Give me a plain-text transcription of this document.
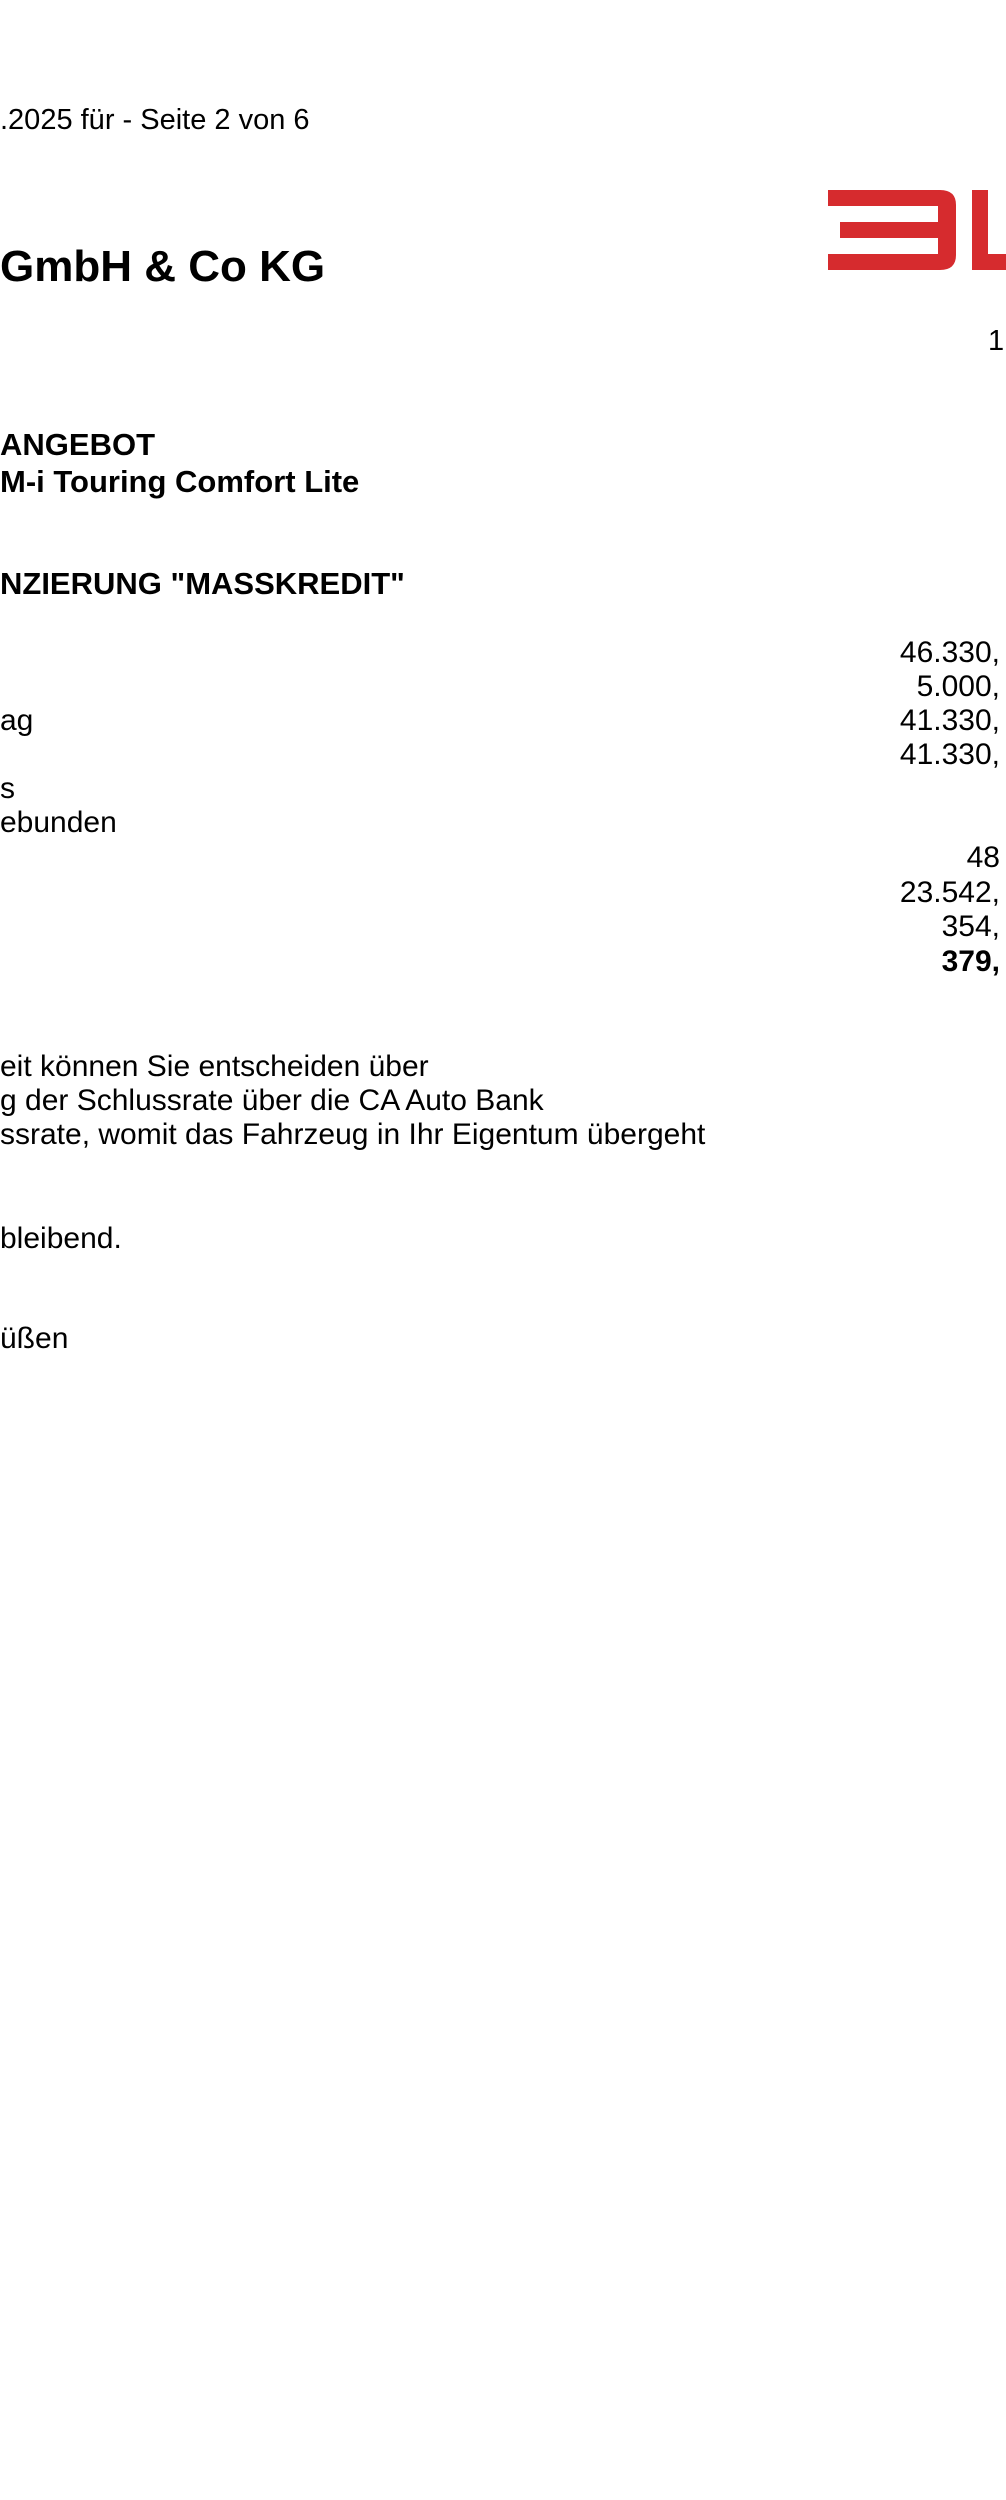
.2025 für - Seite 2 von 6
GmbH & Co KG
1
ANGEBOT
M-i Touring Comfort Lite
NZIERUNG "MASSKREDIT"
ag
s
ebunden
46.330,
5.000,
41.330,
41.330,
48
23.542,
354,
379,
eit können Sie entscheiden über
g der Schlussrate über die CA Auto Bank
ssrate, womit das Fahrzeug in Ihr Eigentum übergeht
bleibend.
üßen
